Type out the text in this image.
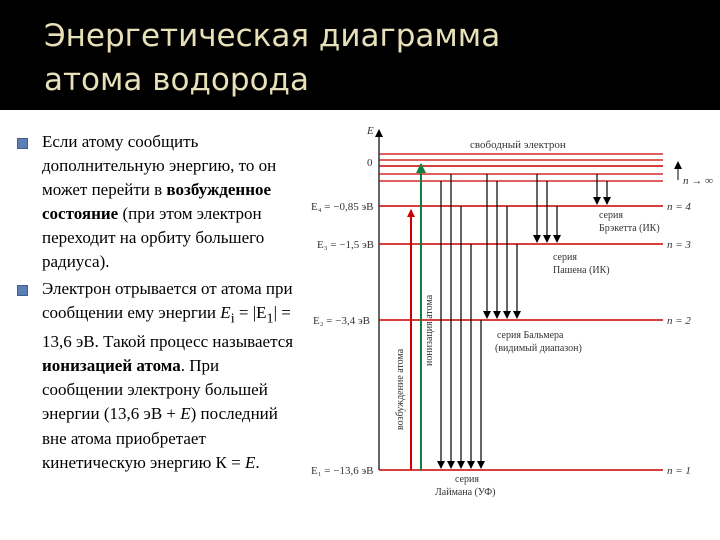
Энергетическая диаграмма
атома водорода
Если атому сообщить дополнительную энергию, то он может перейти в возбужденное состояние (при этом электрон переходит на орбиту большего радиуса).
Электрон отрывается от атома при сообщении ему энергии $E_i = |E_1| = 13,6$ эВ. Такой процесс называется ионизацией атома. При сообщении электрону большей энергии (13,6 эВ + E) последний вне атома приобретает кинетическую энергию К = E.
E
0
свободный электрон
E₄ = −0,85 эВ
E₃ = −1,5 эВ
E₂ = −3,4 эВ
E₁ = −13,6 эВ
n → ∞
n = 4
n = 3
n = 2
n = 1
возбуждение атома
ионизация атома
серия
Лаймана (УФ)
серия Бальмера
(видимый диапазон)
серия
Пашена (ИК)
серия
Брэкетта (ИК)
